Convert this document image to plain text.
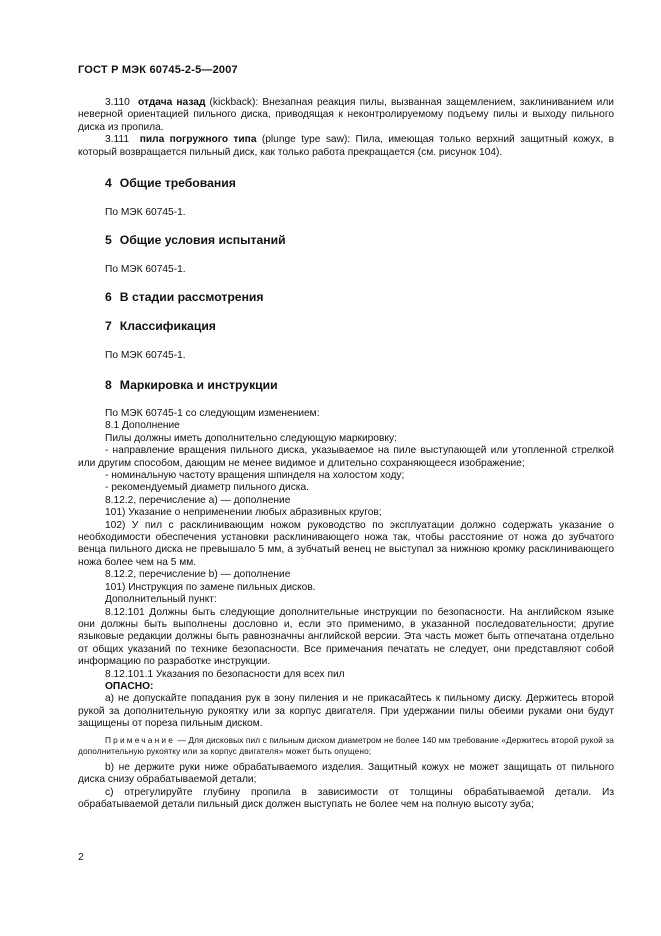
ГОСТ Р МЭК 60745-2-5—2007

3.110 отдача назад (kickback): Внезапная реакция пилы, вызванная защемлением, заклиниванием или неверной ориентацией пильного диска, приводящая к неконтролируемому подъему пилы и выходу пильного диска из пропила.

3.111 пила погружного типа (plunge type saw): Пила, имеющая только верхний защитный кожух, в который возвращается пильный диск, как только работа прекращается (см. рисунок 104).

4 Общие требования
По МЭК 60745-1.
5 Общие условия испытаний
По МЭК 60745-1.
6 В стадии рассмотрения
7 Классификация
По МЭК 60745-1.
8 Маркировка и инструкции

По МЭК 60745-1 со следующим изменением:

8.1 Дополнение

Пилы должны иметь дополнительно следующую маркировку:

- направление вращения пильного диска, указываемое на пиле выступающей или утопленной стрелкой или другим способом, дающим не менее видимое и длительно сохраняющееся изображение;

- номинальную частоту вращения шпинделя на холостом ходу;

- рекомендуемый диаметр пильного диска.

8.12.2, перечисление а) — дополнение

101) Указание о неприменении любых абразивных кругов;

102) У пил с расклинивающим ножом руководство по эксплуатации должно содержать указание о необходимости обеспечения установки расклинивающего ножа так, чтобы расстояние от ножа до зубчатого венца пильного диска не превышало 5 мм, а зубчатый венец не выступал за нижнюю кромку расклинивающего ножа более чем на 5 мм.

8.12.2, перечисление b) — дополнение

101) Инструкция по замене пильных дисков.

Дополнительный пункт:

8.12.101 Должны быть следующие дополнительные инструкции по безопасности. На английском языке они должны быть выполнены дословно и, если это применимо, в указанной последовательности; другие языковые редакции должны быть равнозначны английской версии. Эта часть может быть отпечатана отдельно от общих указаний по технике безопасности. Все примечания печатать не следует, они представляют собой информацию по разработке инструкции.

8.12.101.1 Указания по безопасности для всех пил

ОПАСНО:

а) не допускайте попадания рук в зону пиления и не прикасайтесь к пильному диску. Держитесь второй рукой за дополнительную рукоятку или за корпус двигателя. При удержании пилы обеими руками они будут защищены от пореза пильным диском.

Примечание — Для дисковых пил с пильным диском диаметром не более 140 мм требование «Держитесь второй рукой за дополнительную рукоятку или за корпус двигателя» может быть опущено;

b) не держите руки ниже обрабатываемого изделия. Защитный кожух не может защищать от пильного диска снизу обрабатываемой детали;

c) отрегулируйте глубину пропила в зависимости от толщины обрабатываемой детали. Из обрабатываемой детали пильный диск должен выступать не более чем на полную высоту зуба;

2
